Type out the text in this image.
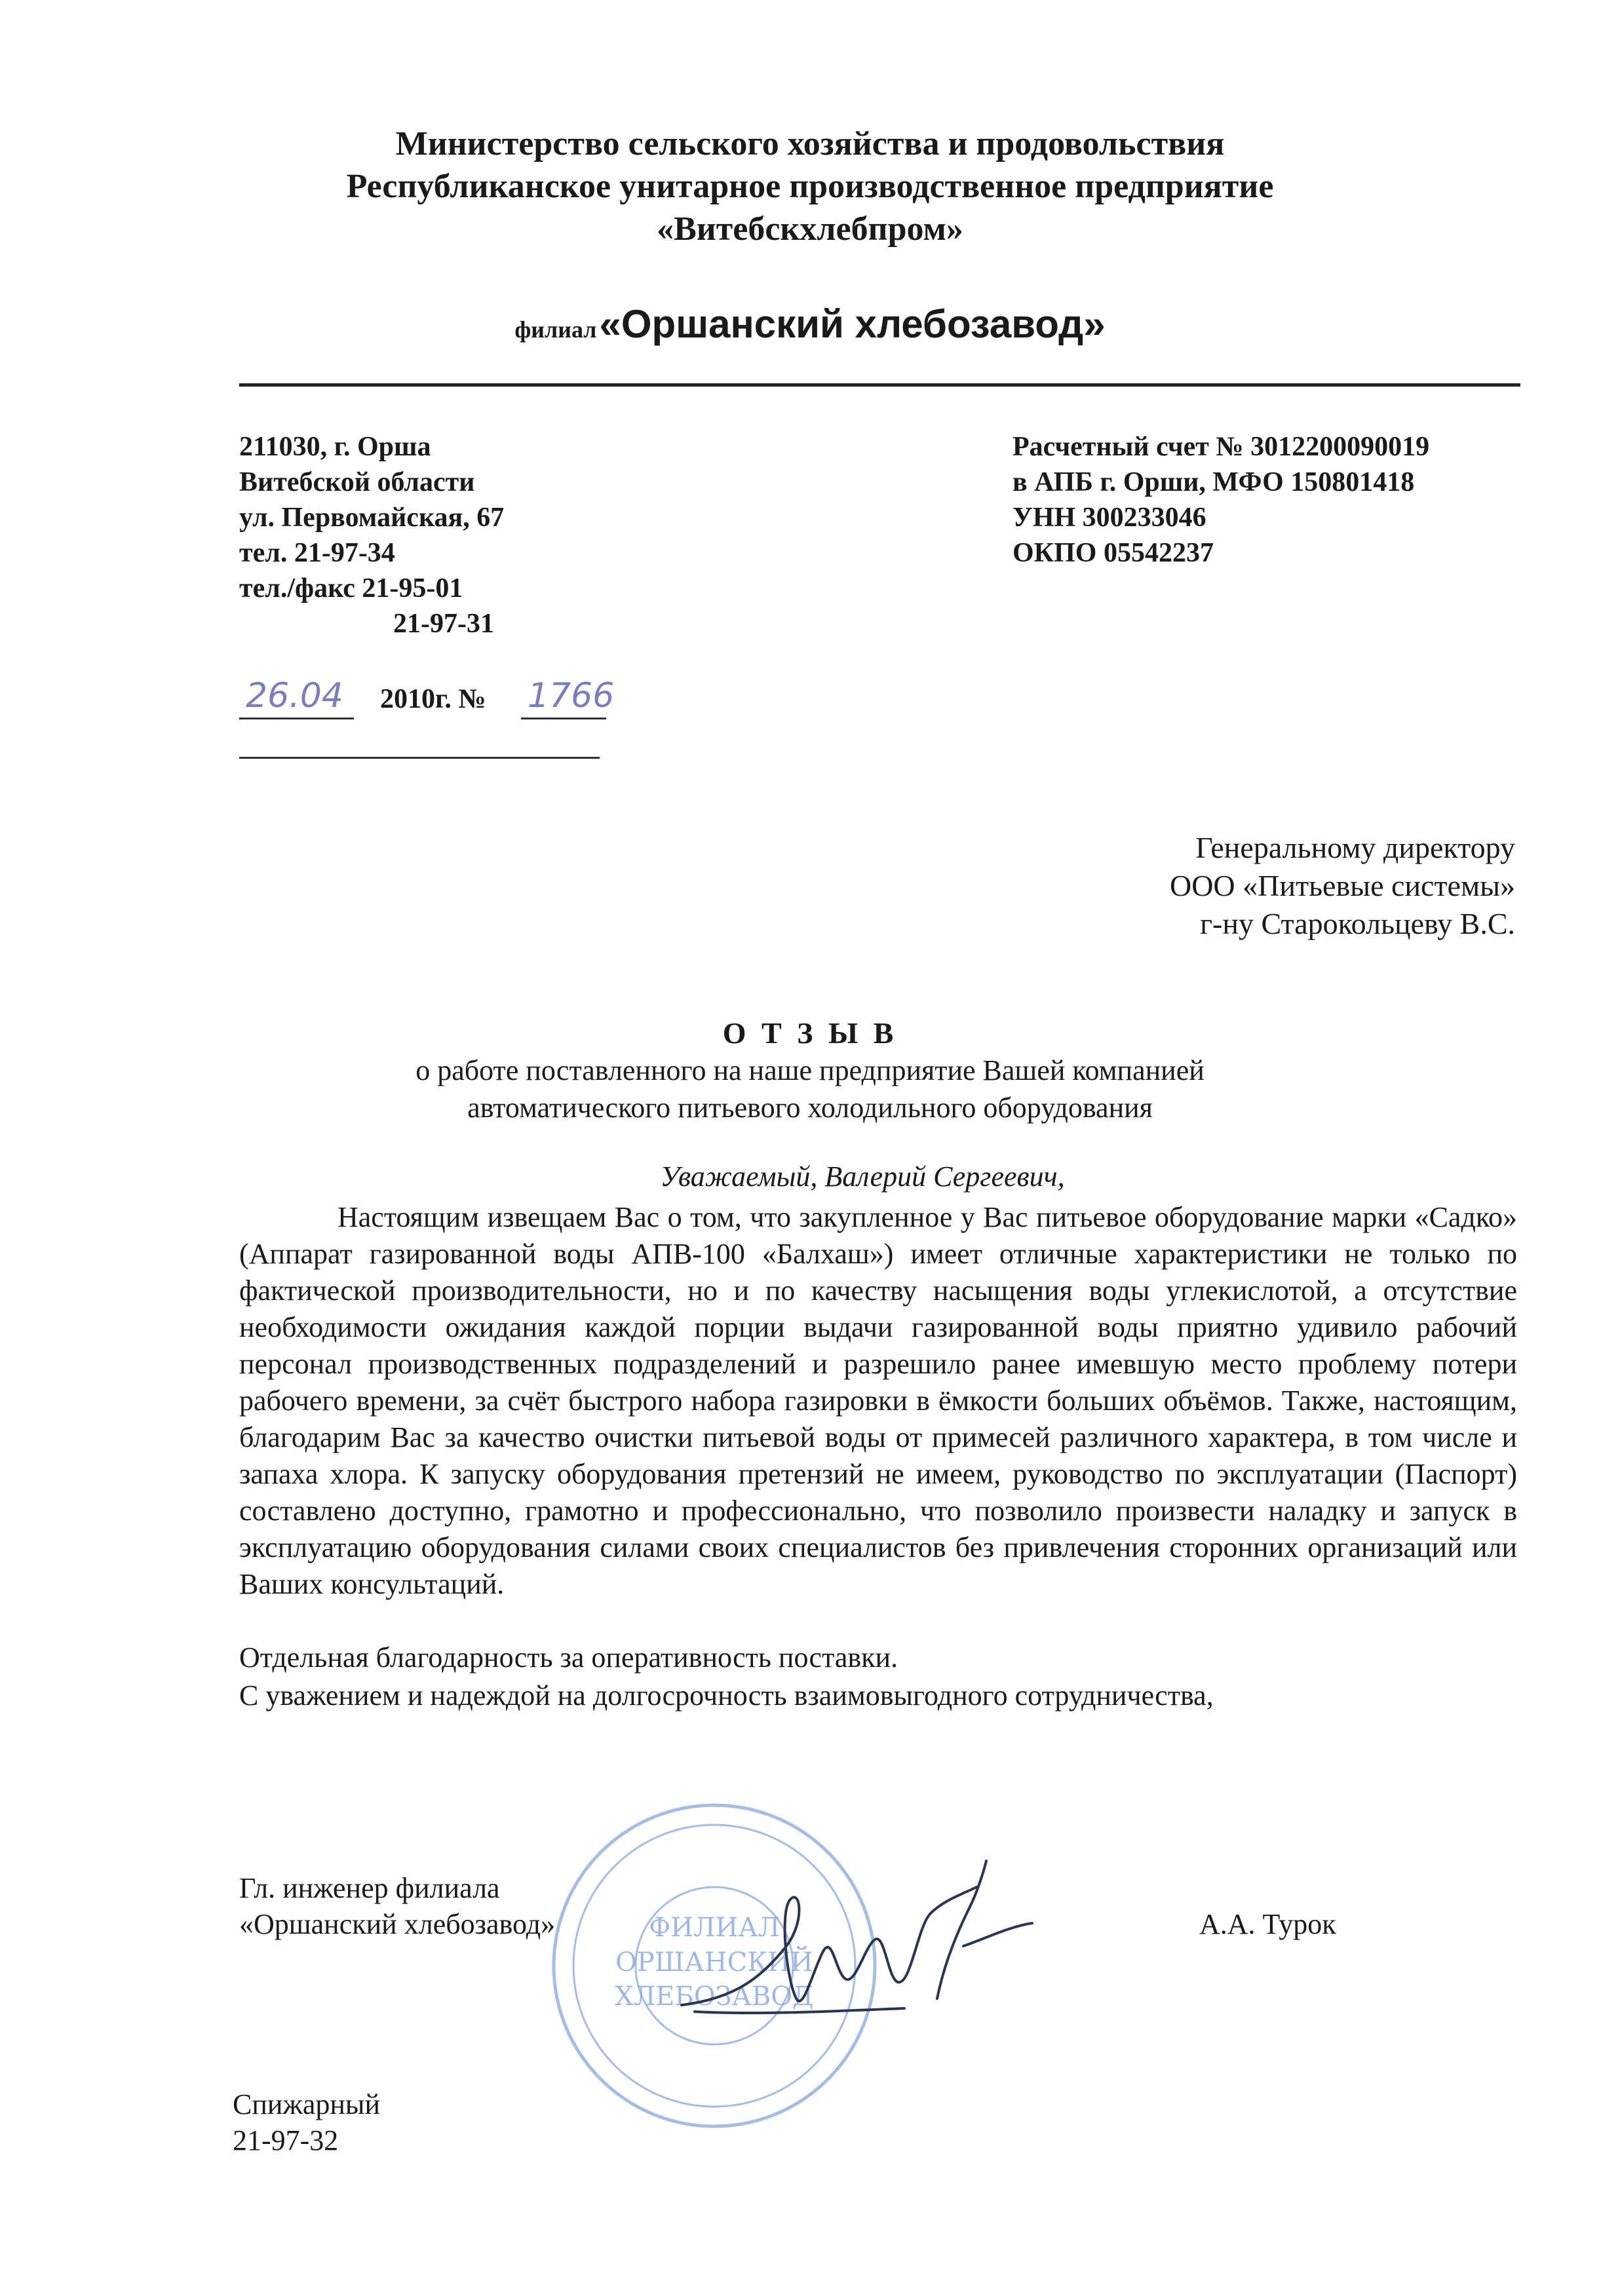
Министерство сельского хозяйства и продовольствия
Республиканское унитарное производственное предприятие
«Витебскхлебпром»
филиал «Оршанский хлебозавод»
211030, г. Орша
Витебской области
ул. Первомайская, 67
тел. 21-97-34
тел./факс 21-95-01
21-97-31
Расчетный счет № 3012200090019
в АПБ г. Орши, МФО 150801418
УНН 300233046
ОКПО 05542237
26.04 2010г. № 1766
Генеральному директору
ООО «Питьевые системы»
г-ну Старокольцеву В.С.
О Т З Ы В
о работе поставленного на наше предприятие Вашей компанией
автоматического питьевого холодильного оборудования
Уважаемый, Валерий Сергеевич,
Настоящим извещаем Вас о том, что закупленное у Вас питьевое оборудование марки «Садко» (Аппарат газированной воды АПВ-100 «Балхаш») имеет отличные характеристики не только по фактической производительности, но и по качеству насыщения воды углекислотой, а отсутствие необходимости ожидания каждой порции выдачи газированной воды приятно удивило рабочий персонал производственных подразделений и разрешило ранее имевшую место проблему потери рабочего времени, за счёт быстрого набора газировки в ёмкости больших объёмов. Также, настоящим, благодарим Вас за качество очистки питьевой воды от примесей различного характера, в том числе и запаха хлора. К запуску оборудования претензий не имеем, руководство по эксплуатации (Паспорт) составлено доступно, грамотно и профессионально, что позволило произвести наладку и запуск в эксплуатацию оборудования силами своих специалистов без привлечения сторонних организаций или Ваших консультаций.
Отдельная благодарность за оперативность поставки.
С уважением и надеждой на долгосрочность взаимовыгодного сотрудничества,
ФИЛИАЛ
ОРШАНСКИЙ
ХЛЕБОЗАВОД
Гл. инженер филиала
«Оршанский хлебозавод»	А.А. Турок
Спижарный
21-97-32
